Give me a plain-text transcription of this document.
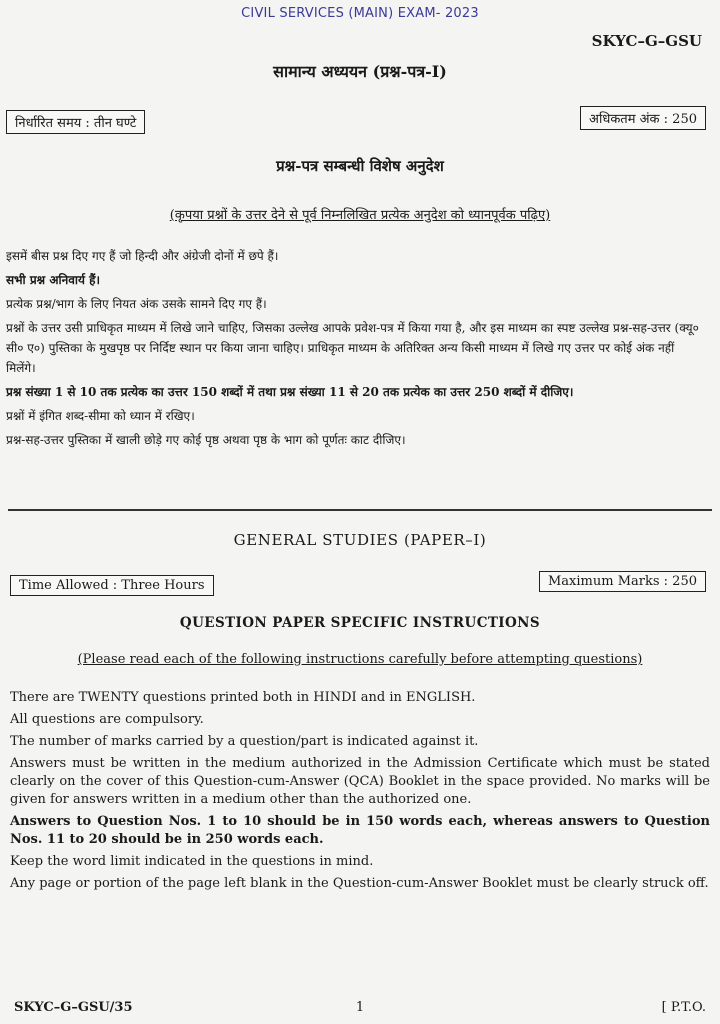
CIVIL SERVICES (MAIN) EXAM- 2023
SKYC–G–GSU
सामान्य अध्ययन (प्रश्न-पत्र-I)
निर्धारित समय : तीन घण्टे	अधिकतम अंक : 250
प्रश्न-पत्र सम्बन्धी विशेष अनुदेश
(कृपया प्रश्नों के उत्तर देने से पूर्व निम्नलिखित प्रत्येक अनुदेश को ध्यानपूर्वक पढ़िए)

इसमें बीस प्रश्न दिए गए हैं जो हिन्दी और अंग्रेजी दोनों में छपे हैं।

सभी प्रश्न अनिवार्य हैं।

प्रत्येक प्रश्न/भाग के लिए नियत अंक उसके सामने दिए गए हैं।

प्रश्नों के उत्तर उसी प्राधिकृत माध्यम में लिखे जाने चाहिए, जिसका उल्लेख आपके प्रवेश-पत्र में किया गया है, और इस माध्यम का स्पष्ट उल्लेख प्रश्न-सह-उत्तर (क्यू० सी० ए०) पुस्तिका के मुखपृष्ठ पर निर्दिष्ट स्थान पर किया जाना चाहिए। प्राधिकृत माध्यम के अतिरिक्त अन्य किसी माध्यम में लिखे गए उत्तर पर कोई अंक नहीं मिलेंगे।

प्रश्न संख्या 1 से 10 तक प्रत्येक का उत्तर 150 शब्दों में तथा प्रश्न संख्या 11 से 20 तक प्रत्येक का उत्तर 250 शब्दों में दीजिए।

प्रश्नों में इंगित शब्द-सीमा को ध्यान में रखिए।

प्रश्न-सह-उत्तर पुस्तिका में खाली छोड़े गए कोई पृष्ठ अथवा पृष्ठ के भाग को पूर्णतः काट दीजिए।

GENERAL STUDIES (PAPER–I)
Time Allowed : Three Hours	Maximum Marks : 250
QUESTION PAPER SPECIFIC INSTRUCTIONS
(Please read each of the following instructions carefully before attempting questions)

There are TWENTY questions printed both in HINDI and in ENGLISH.

All questions are compulsory.

The number of marks carried by a question/part is indicated against it.

Answers must be written in the medium authorized in the Admission Certificate which must be stated clearly on the cover of this Question-cum-Answer (QCA) Booklet in the space provided. No marks will be given for answers written in a medium other than the authorized one.

Answers to Question Nos. 1 to 10 should be in 150 words each, whereas answers to Question Nos. 11 to 20 should be in 250 words each.

Keep the word limit indicated in the questions in mind.

Any page or portion of the page left blank in the Question-cum-Answer Booklet must be clearly struck off.

SKYC–G–GSU/35	1	[ P.T.O.
